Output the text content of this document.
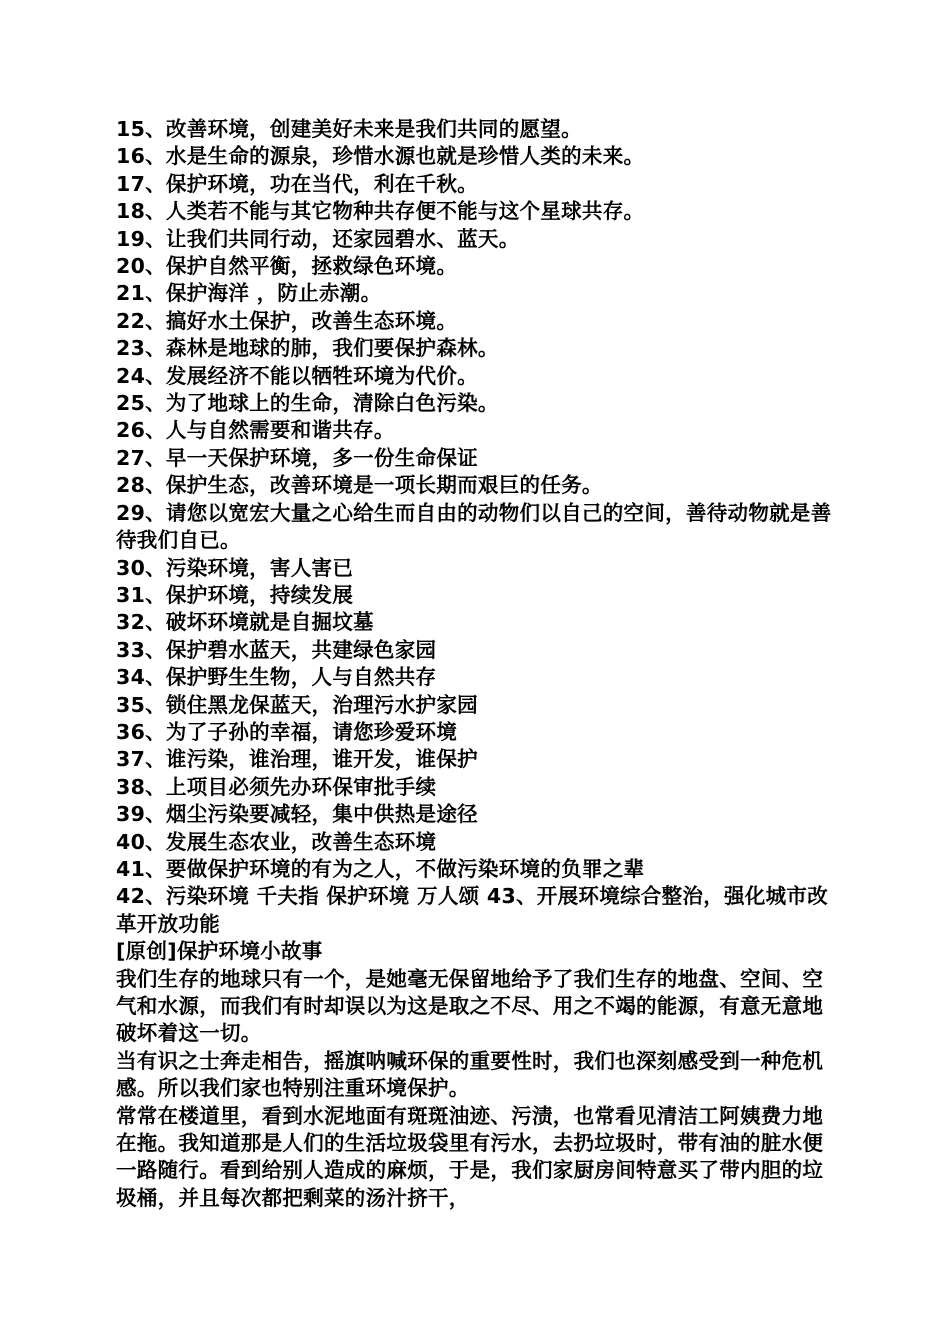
15、改善环境，创建美好未来是我们共同的愿望。
16、水是生命的源泉，珍惜水源也就是珍惜人类的未来。
17、保护环境，功在当代，利在千秋。
18、人类若不能与其它物种共存便不能与这个星球共存。
19、让我们共同行动，还家园碧水、蓝天。
20、保护自然平衡，拯救绿色环境。
21、保护海洋 ，防止赤潮。
22、搞好水土保护，改善生态环境。
23、森林是地球的肺，我们要保护森林。
24、发展经济不能以牺牲环境为代价。
25、为了地球上的生命，清除白色污染。
26、人与自然需要和谐共存。
27、早一天保护环境，多一份生命保证
28、保护生态，改善环境是一项长期而艰巨的任务。
29、请您以宽宏大量之心给生而自由的动物们以自己的空间，善待动物就是善待我们自已。
30、污染环境，害人害已
31、保护环境，持续发展
32、破坏环境就是自掘坟墓
33、保护碧水蓝天，共建绿色家园
34、保护野生生物，人与自然共存
35、锁住黑龙保蓝天，治理污水护家园
36、为了子孙的幸福，请您珍爱环境
37、谁污染，谁治理，谁开发，谁保护
38、上项目必须先办环保审批手续
39、烟尘污染要减轻，集中供热是途径
40、发展生态农业，改善生态环境
41、要做保护环境的有为之人，不做污染环境的负罪之辈
42、污染环境 千夫指 保护环境 万人颂 43、开展环境综合整治，强化城市改革开放功能
[原创]保护环境小故事
我们生存的地球只有一个，是她毫无保留地给予了我们生存的地盘、空间、空气和水源，而我们有时却误以为这是取之不尽、用之不竭的能源，有意无意地破坏着这一切。
当有识之士奔走相告，摇旗呐喊环保的重要性时，我们也深刻感受到一种危机感。所以我们家也特别注重环境保护。
常常在楼道里，看到水泥地面有斑斑油迹、污渍，也常看见清洁工阿姨费力地在拖。我知道那是人们的生活垃圾袋里有污水，去扔垃圾时，带有油的脏水便一路随行。看到给别人造成的麻烦，于是，我们家厨房间特意买了带内胆的垃圾桶，并且每次都把剩菜的汤汁挤干，
